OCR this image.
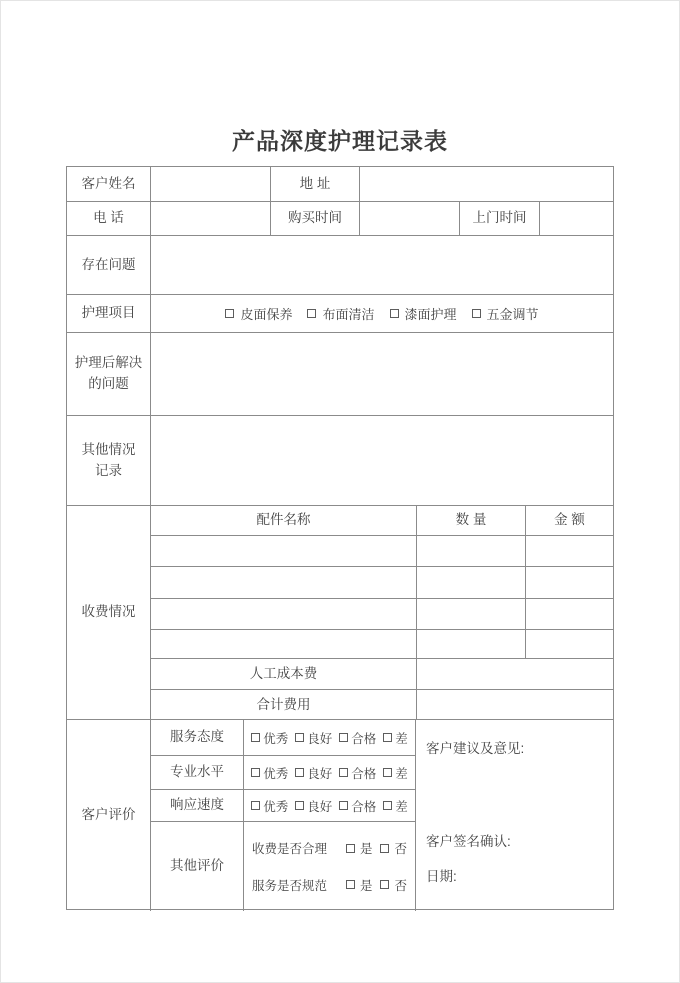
产品深度护理记录表
客户姓名	地 址
电 话	购买时间	上门时间
存在问题
护理项目	皮面保养 布面清洁 漆面护理 五金调节
护理后解决
的问题
其他情况
记录
收费情况
配件名称	数 量	金 额
人工成本费
合计费用
客户评价
服务态度	优秀 良好 合格 差
专业水平	优秀 良好 合格 差
响应速度	优秀 良好 合格 差
其他评价
收费是否合理	是 否
服务是否规范	是 否
客户建议及意见:
客户签名确认:
日期:
